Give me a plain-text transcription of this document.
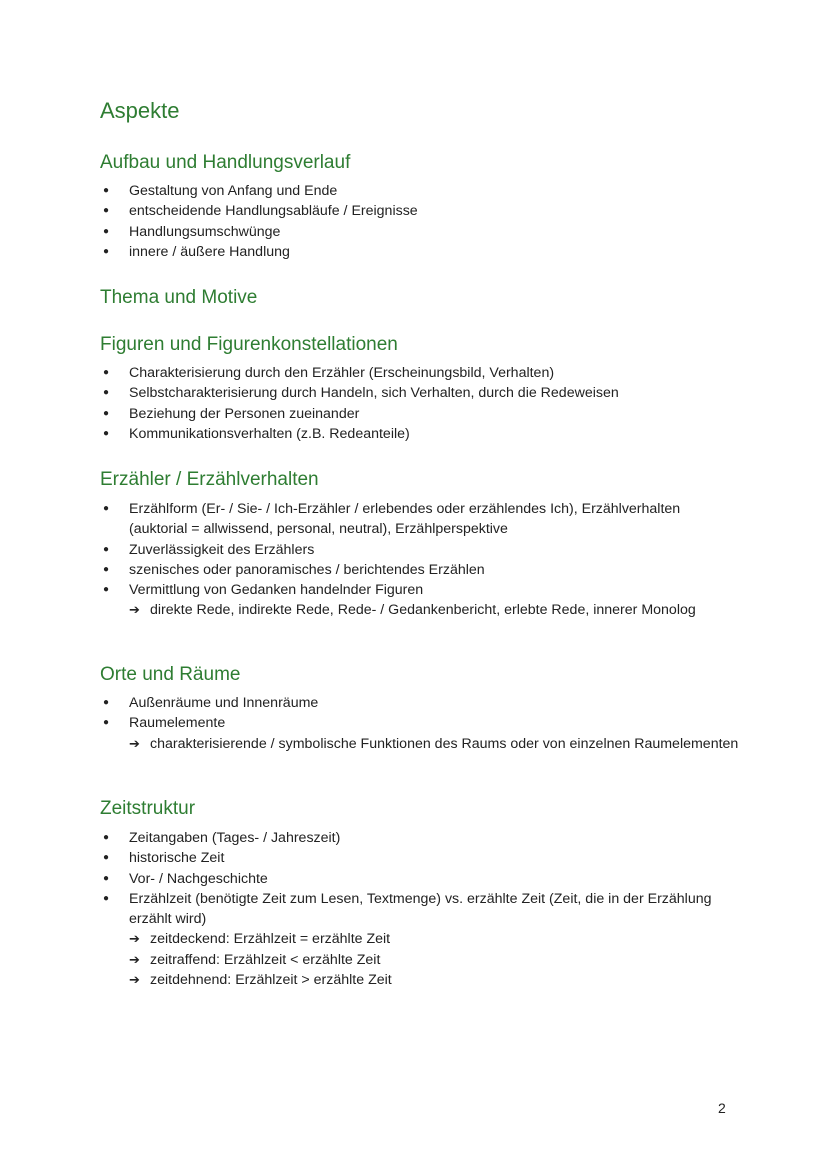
Aspekte
Aufbau und Handlungsverlauf
● Gestaltung von Anfang und Ende
● entscheidende Handlungsabläufe / Ereignisse
● Handlungsumschwünge
● innere / äußere Handlung
Thema und Motive
Figuren und Figurenkonstellationen
● Charakterisierung durch den Erzähler (Erscheinungsbild, Verhalten)
● Selbstcharakterisierung durch Handeln, sich Verhalten, durch die Redeweisen
● Beziehung der Personen zueinander
● Kommunikationsverhalten (z.B. Redeanteile)
Erzähler / Erzählverhalten
● Erzählform (Er- / Sie- / Ich-Erzähler / erlebendes oder erzählendes Ich), Erzählverhalten (auktorial = allwissend, personal, neutral), Erzählperspektive
● Zuverlässigkeit des Erzählers
● szenisches oder panoramisches / berichtendes Erzählen
● Vermittlung von Gedanken handelnder Figuren
➔ direkte Rede, indirekte Rede, Rede- / Gedankenbericht, erlebte Rede, innerer Monolog
Orte und Räume
● Außenräume und Innenräume
● Raumelemente
➔ charakterisierende / symbolische Funktionen des Raums oder von einzelnen Raumelementen
Zeitstruktur
● Zeitangaben (Tages- / Jahreszeit)
● historische Zeit
● Vor- / Nachgeschichte
● Erzählzeit (benötigte Zeit zum Lesen, Textmenge) vs. erzählte Zeit (Zeit, die in der Erzählung erzählt wird)
➔ zeitdeckend: Erzählzeit = erzählte Zeit
➔ zeitraffend: Erzählzeit < erzählte Zeit
➔ zeitdehnend: Erzählzeit > erzählte Zeit
2
